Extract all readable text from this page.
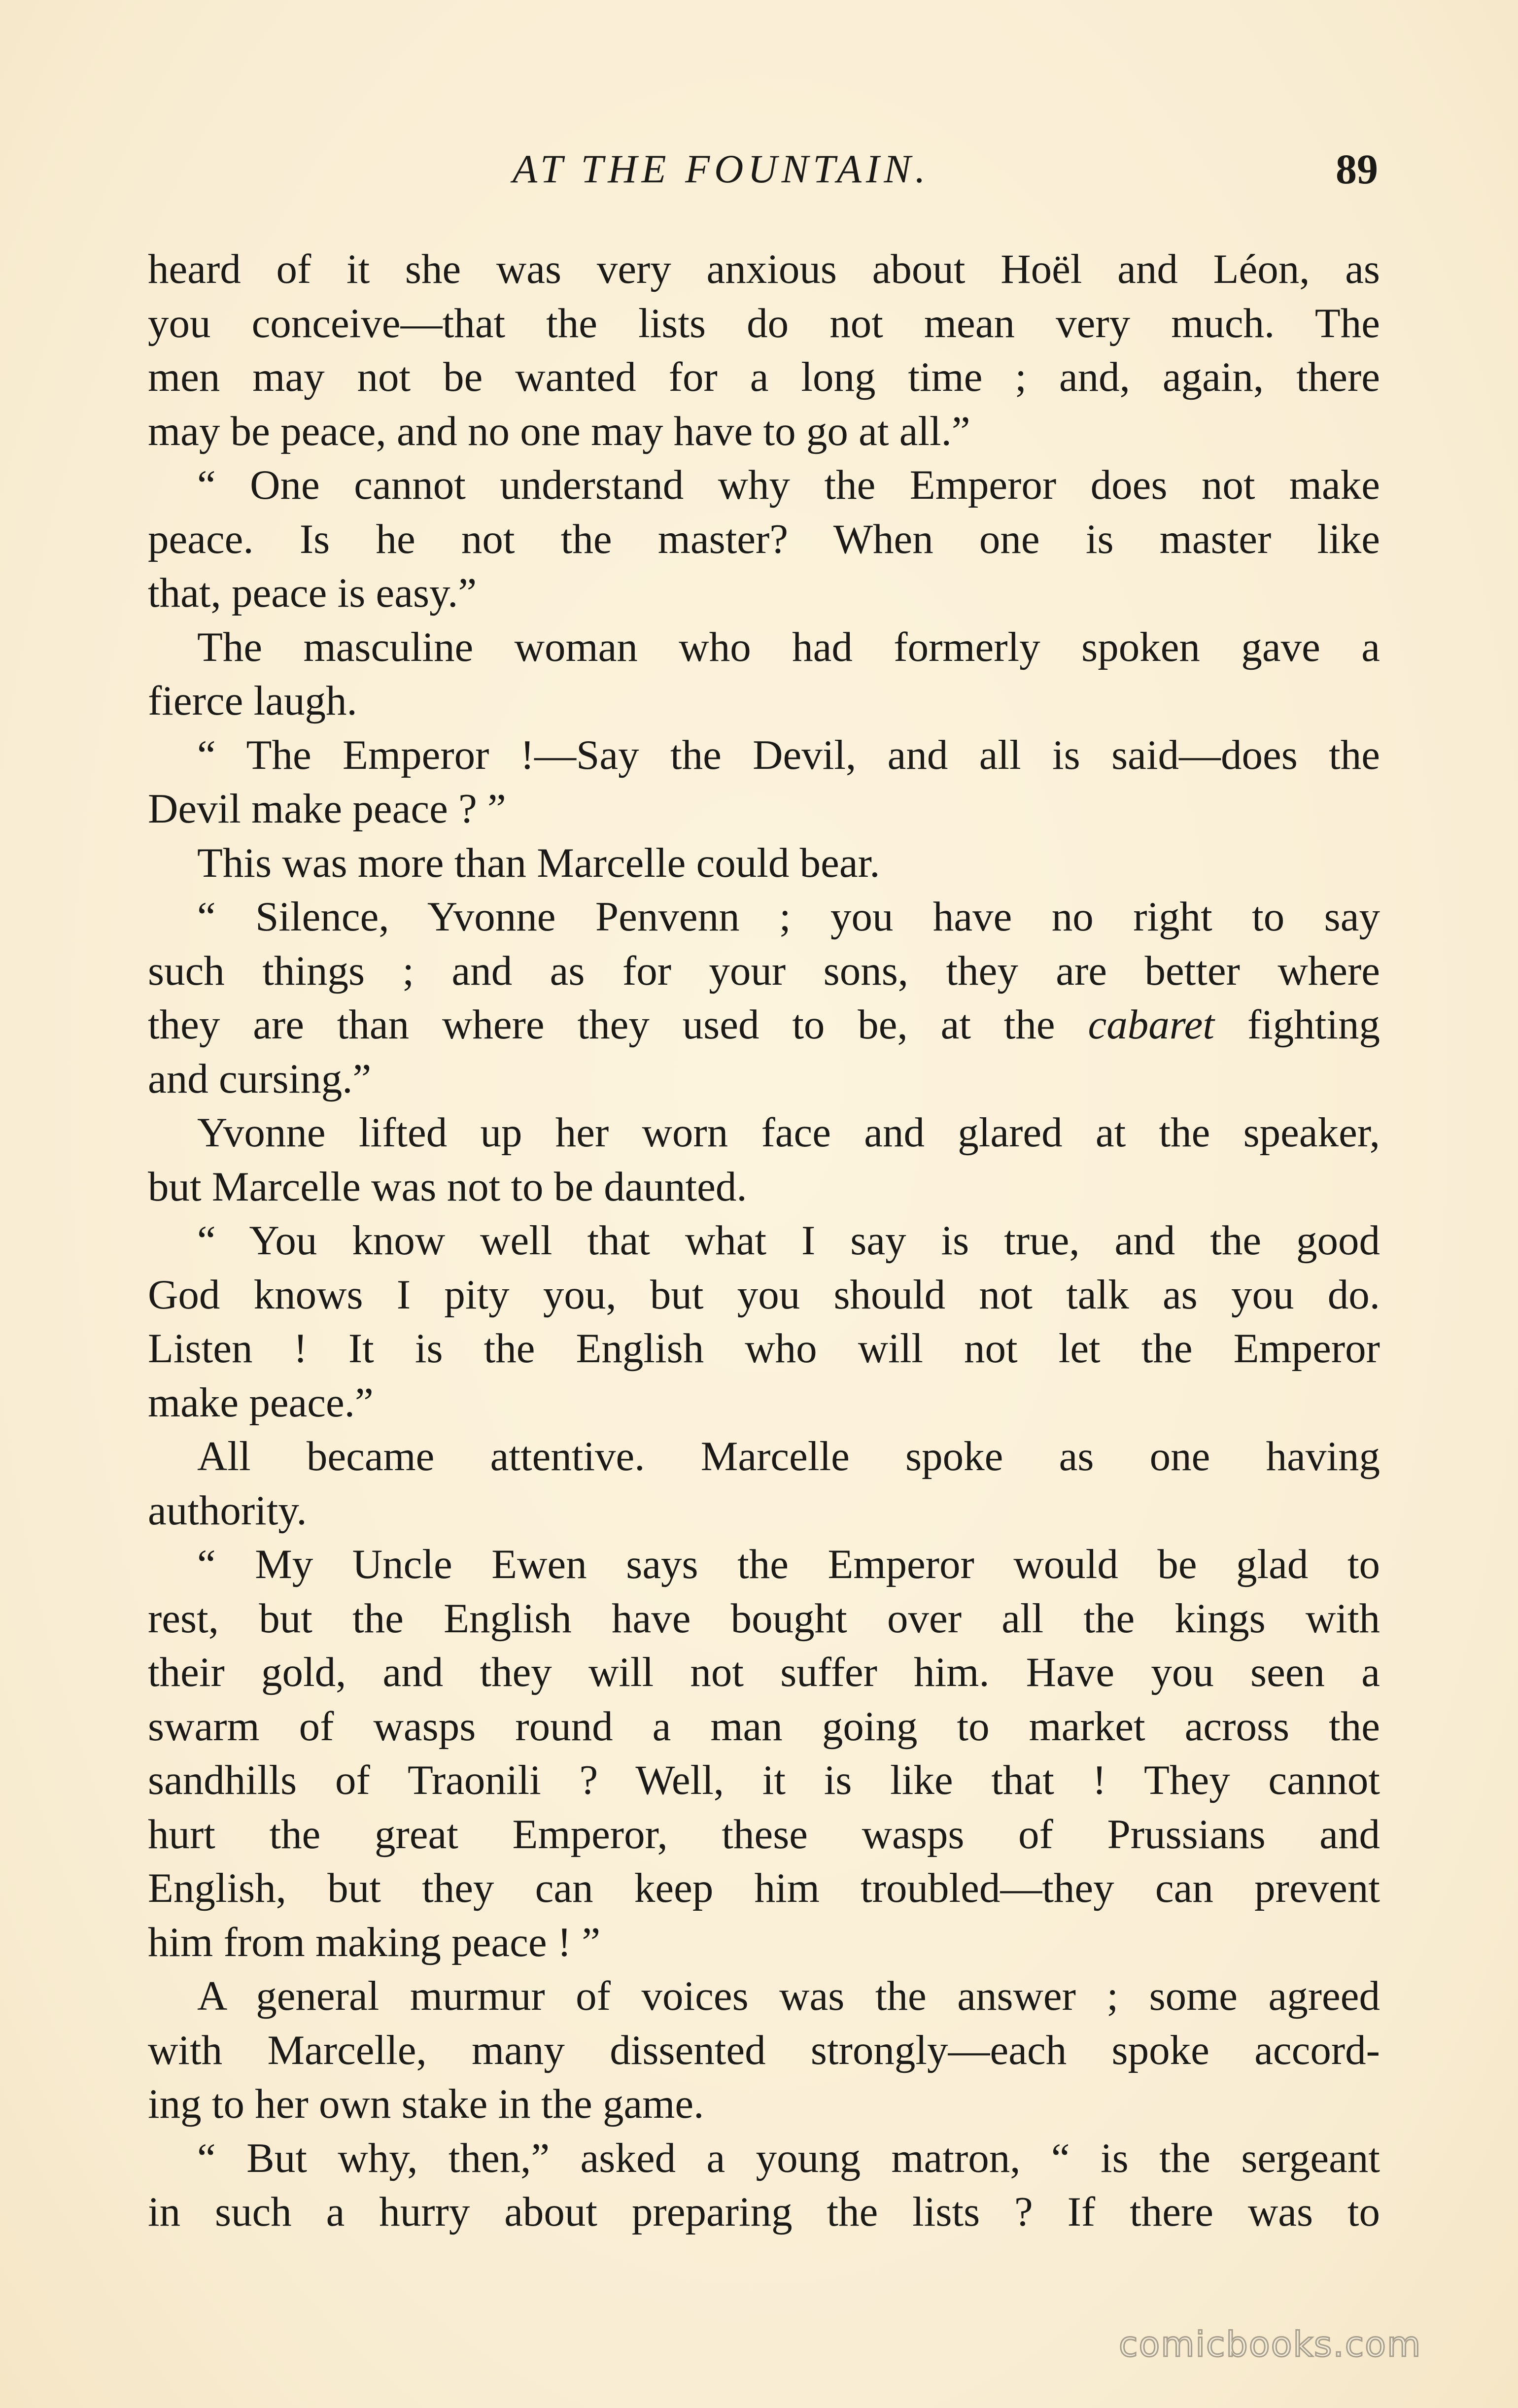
AT THE FOUNTAIN.	89
heard of it she was very anxious about Hoël and Léon, as
you conceive—that the lists do not mean very much. The
men may not be wanted for a long time ; and, again, there
may be peace, and no one may have to go at all.”
“ One cannot understand why the Emperor does not make
peace. Is he not the master? When one is master like
that, peace is easy.”
The masculine woman who had formerly spoken gave a
fierce laugh.
“ The Emperor !—Say the Devil, and all is said—does the
Devil make peace ? ”
This was more than Marcelle could bear.
“ Silence, Yvonne Penvenn ; you have no right to say
such things ; and as for your sons, they are better where
they are than where they used to be, at the cabaret fighting
and cursing.”
Yvonne lifted up her worn face and glared at the speaker,
but Marcelle was not to be daunted.
“ You know well that what I say is true, and the good
God knows I pity you, but you should not talk as you do.
Listen ! It is the English who will not let the Emperor
make peace.”
All became attentive. Marcelle spoke as one having
authority.
“ My Uncle Ewen says the Emperor would be glad to
rest, but the English have bought over all the kings with
their gold, and they will not suffer him. Have you seen a
swarm of wasps round a man going to market across the
sandhills of Traonili ? Well, it is like that ! They cannot
hurt the great Emperor, these wasps of Prussians and
English, but they can keep him troubled—they can prevent
him from making peace ! ”
A general murmur of voices was the answer ; some agreed
with Marcelle, many dissented strongly—each spoke accord-
ing to her own stake in the game.
“ But why, then,” asked a young matron, “ is the sergeant
in such a hurry about preparing the lists ? If there was to
comicbooks.com
